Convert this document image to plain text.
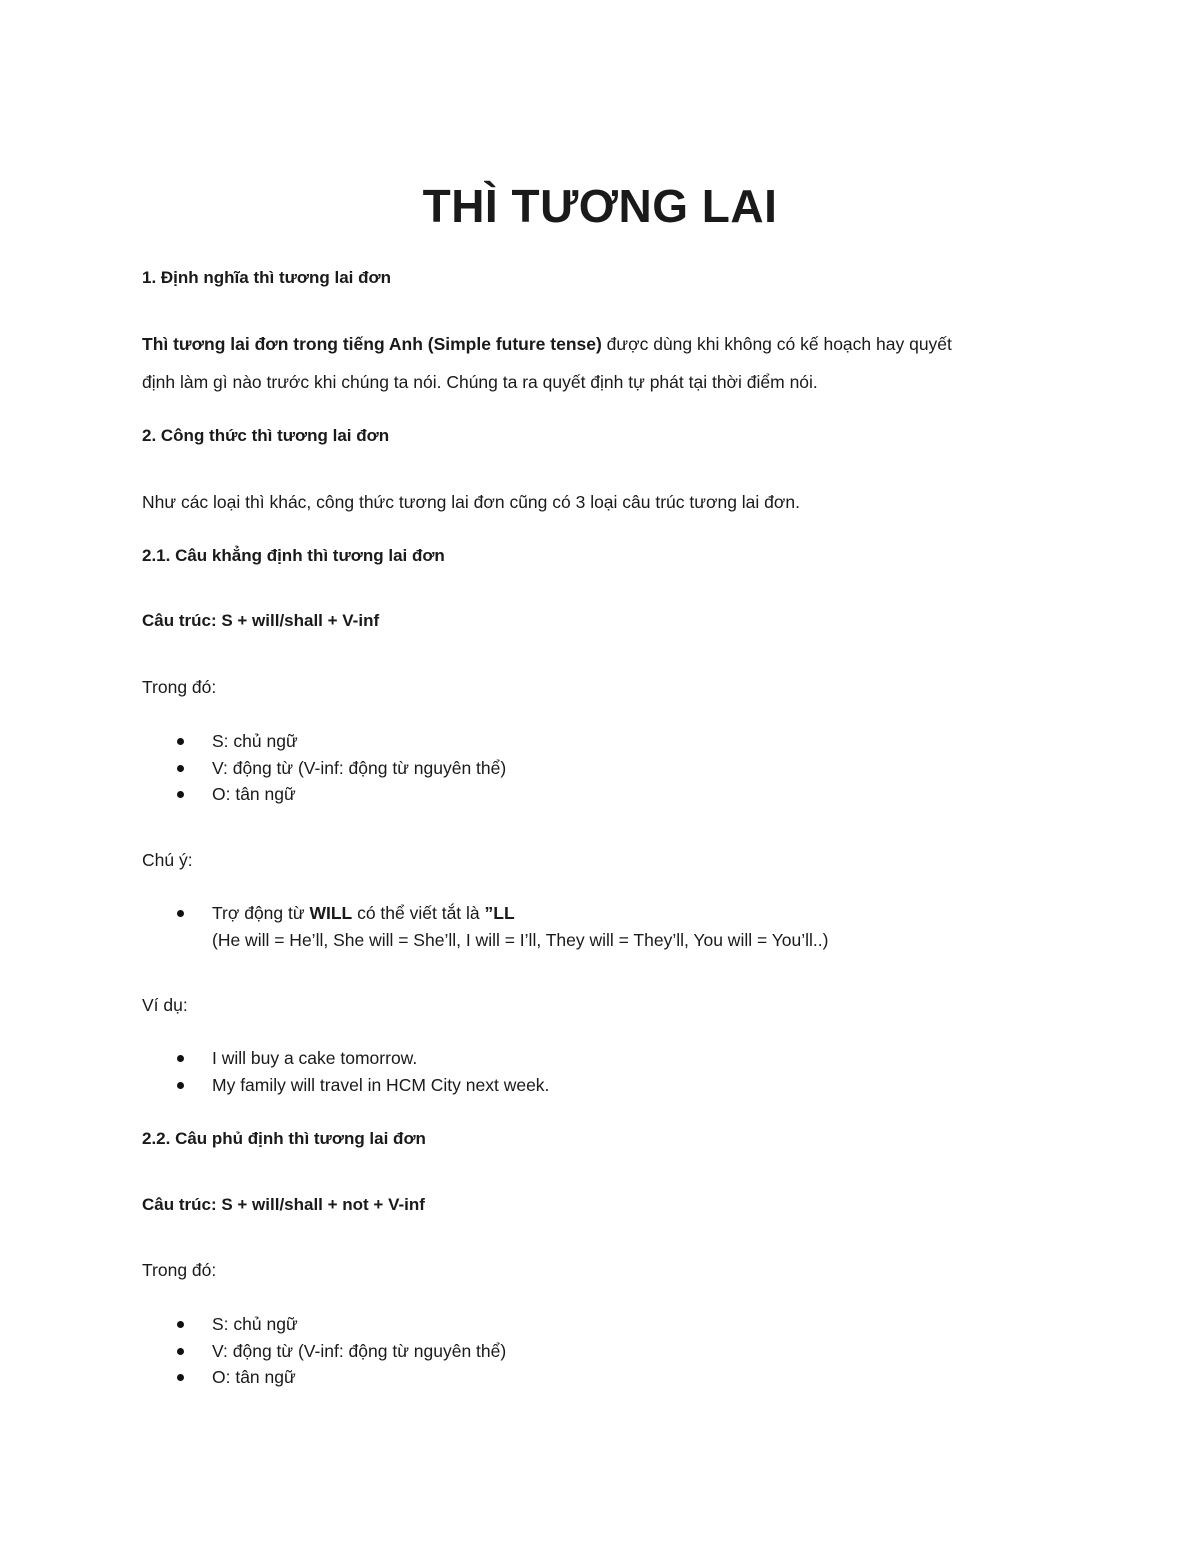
THÌ TƯƠNG LAI
1. Định nghĩa thì tương lai đơn
Thì tương lai đơn trong tiếng Anh (Simple future tense) được dùng khi không có kế hoạch hay quyết
định làm gì nào trước khi chúng ta nói. Chúng ta ra quyết định tự phát tại thời điểm nói.
2. Công thức thì tương lai đơn
Như các loại thì khác, công thức tương lai đơn cũng có 3 loại câu trúc tương lai đơn.
2.1. Câu khẳng định thì tương lai đơn
Câu trúc: S + will/shall + V-inf
Trong đó:
S: chủ ngữ
V: động từ (V-inf: động từ nguyên thể)
O: tân ngữ
Chú ý:
Trợ động từ WILL có thể viết tắt là ”LL
(He will = He’ll, She will = She’ll, I will = I’ll, They will = They’ll, You will = You’ll..)
Ví dụ:
I will buy a cake tomorrow.
My family will travel in HCM City next week.
2.2. Câu phủ định thì tương lai đơn
Câu trúc: S + will/shall + not + V-inf
Trong đó:
S: chủ ngữ
V: động từ (V-inf: động từ nguyên thể)
O: tân ngữ
